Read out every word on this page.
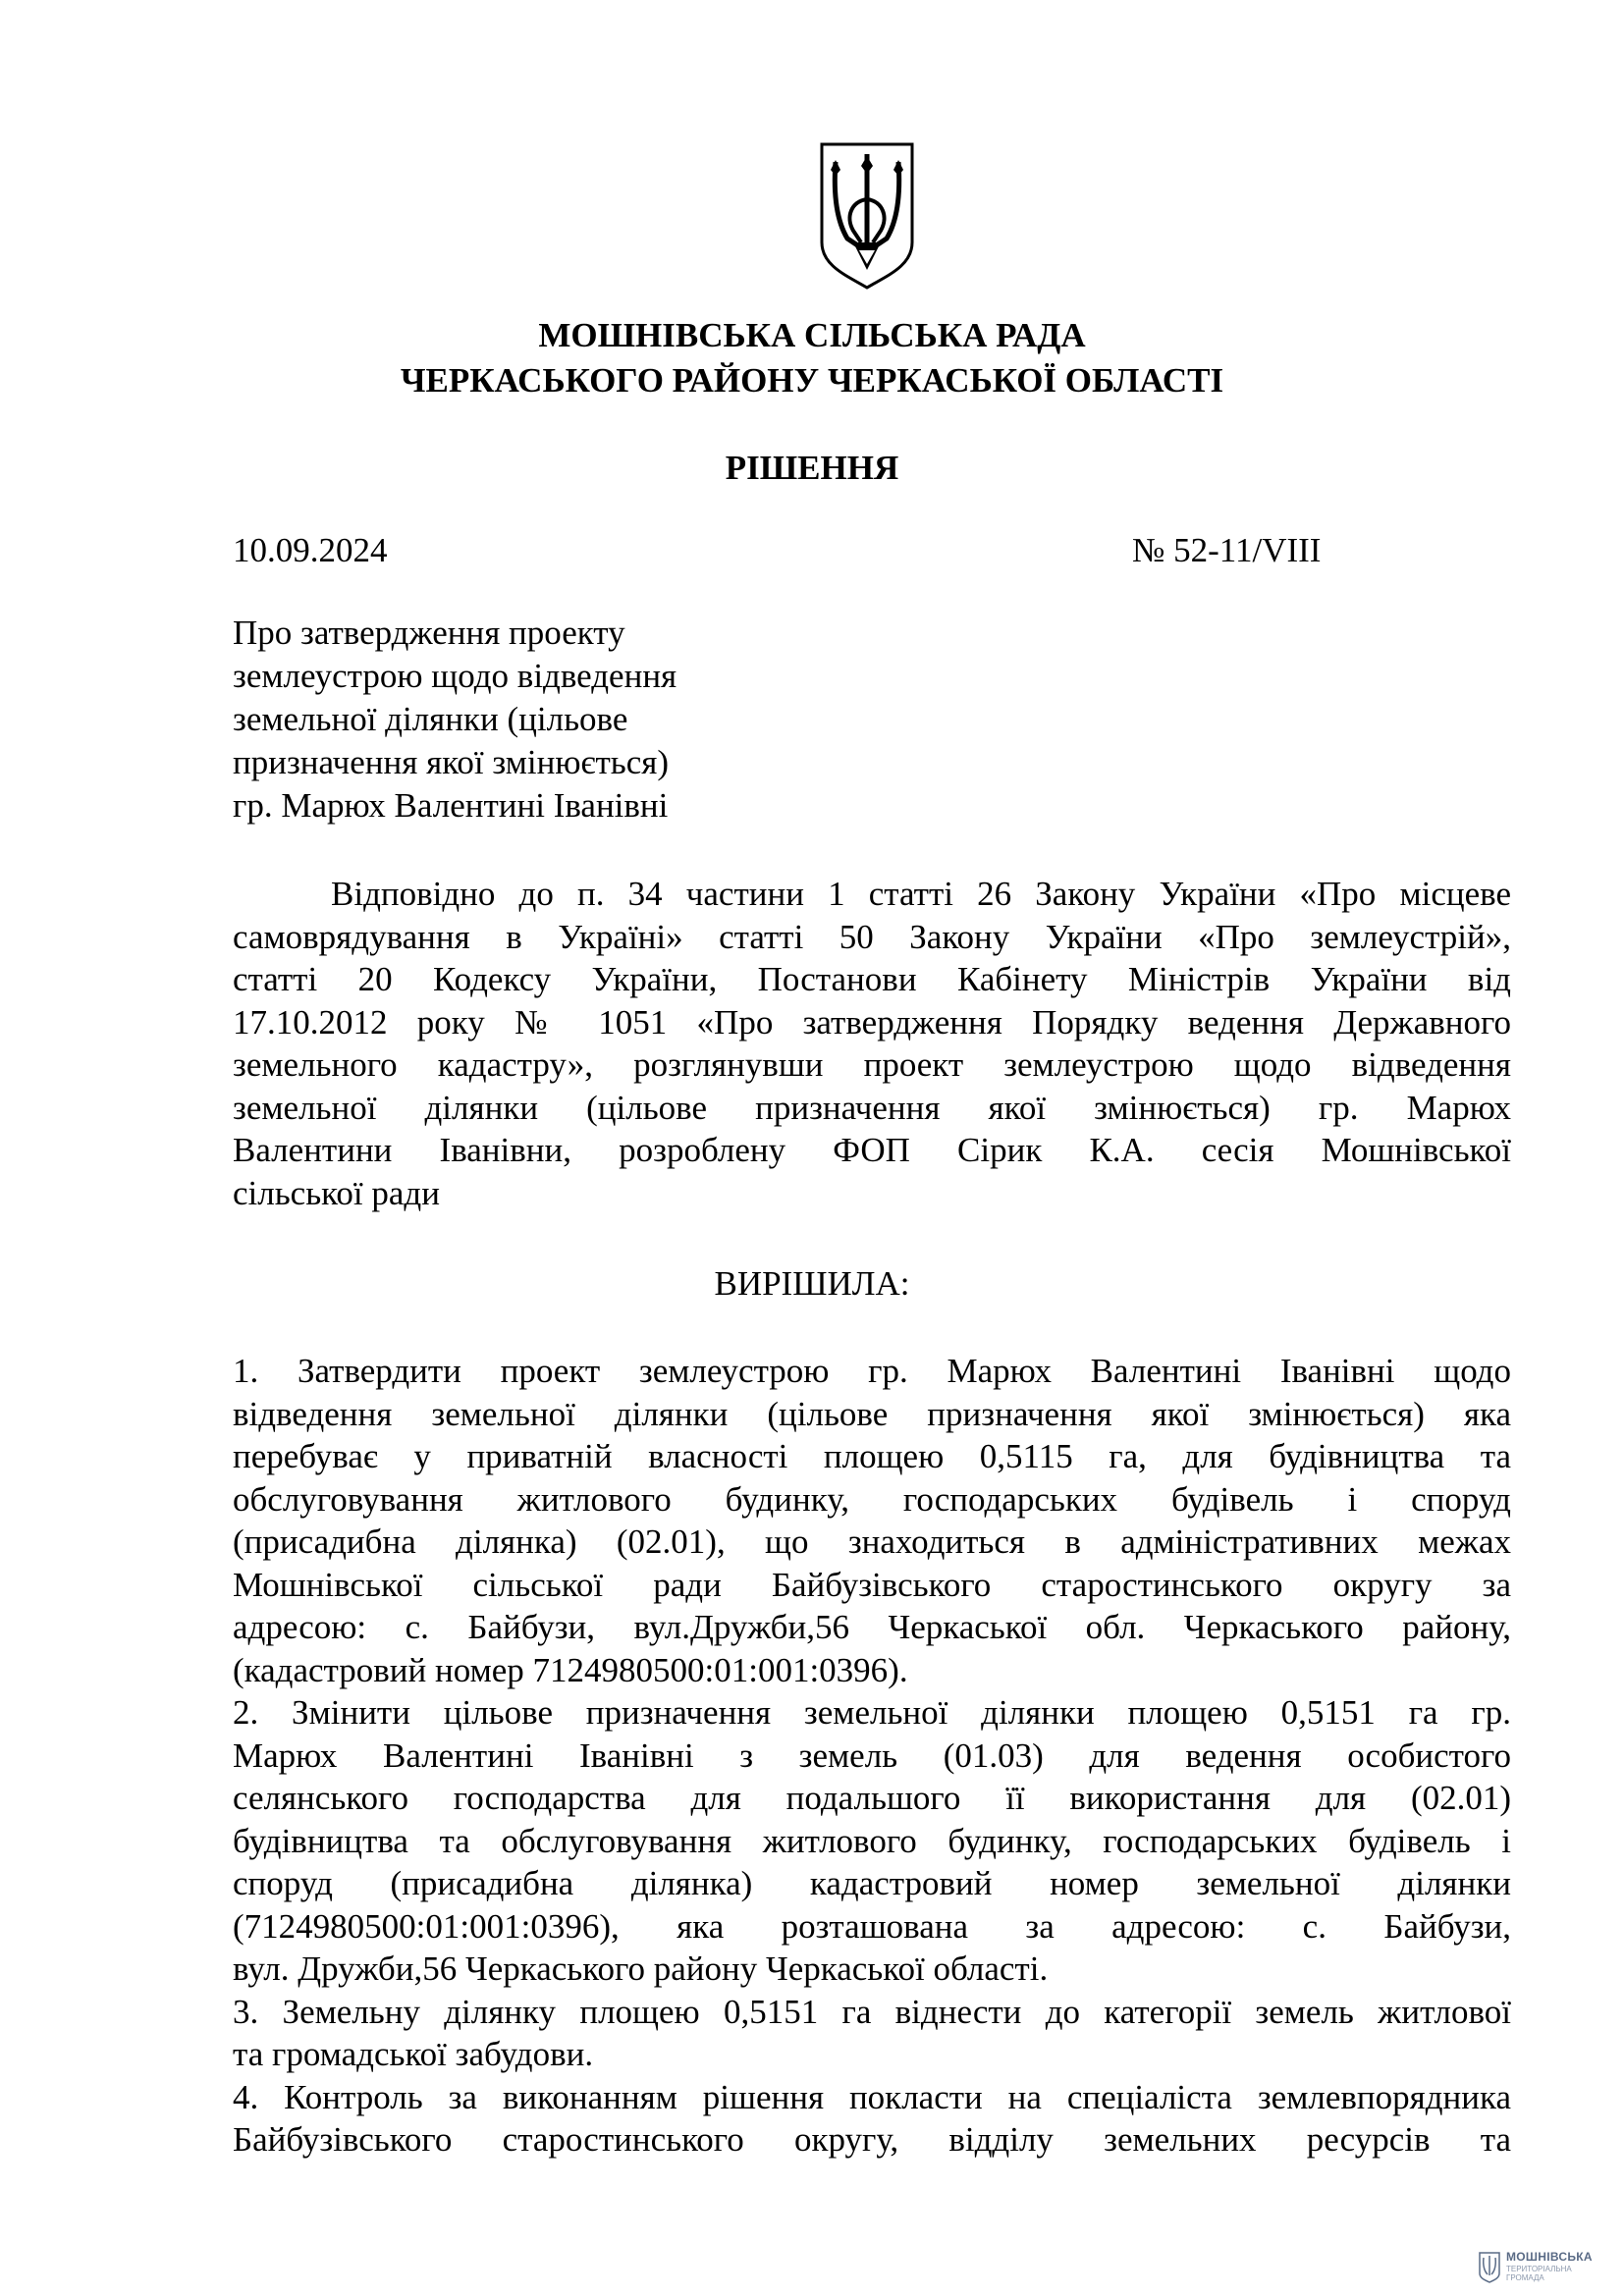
МОШНІВСЬКА СІЛЬСЬКА РАДА
ЧЕРКАСЬКОГО РАЙОНУ ЧЕРКАСЬКОЇ ОБЛАСТІ
РІШЕННЯ
10.09.2024	№ 52-11/VIII
Про затвердження проекту
землеустрою щодо відведення
земельної ділянки (цільове
призначення якої змінюється)
гр. Марюх Валентині Іванівні
Відповідно до п. 34 частини 1 статті 26 Закону України «Про місцеве
самоврядування в Україні» статті 50 Закону України «Про землеустрій»,
статті 20 Кодексу України, Постанови Кабінету Міністрів України від
17.10.2012 року № 1051 «Про затвердження Порядку ведення Державного
земельного кадастру», розглянувши проект землеустрою щодо відведення
земельної ділянки (цільове призначення якої змінюється) гр. Марюх
Валентини Іванівни, розроблену ФОП Сірик К.А. сесія Мошнівської
сільської ради
ВИРІШИЛА:
1. Затвердити проект землеустрою гр. Марюх Валентині Іванівні щодо
відведення земельної ділянки (цільове призначення якої змінюється) яка
перебуває у приватній власності площею 0,5115 га, для будівництва та
обслуговування житлового будинку, господарських будівель і споруд
(присадибна ділянка) (02.01), що знаходиться в адміністративних межах
Мошнівської сільської ради Байбузівського старостинського округу за
адресою: с. Байбузи, вул.Дружби,56 Черкаської обл. Черкаського району,
(кадастровий номер 7124980500:01:001:0396).
2. Змінити цільове призначення земельної ділянки площею 0,5151 га гр.
Марюх Валентині Іванівні з земель (01.03) для ведення особистого
селянського господарства для подальшого її використання для (02.01)
будівництва та обслуговування житлового будинку, господарських будівель і
споруд (присадибна ділянка) кадастровий номер земельної ділянки
(7124980500:01:001:0396), яка розташована за адресою: с. Байбузи,
вул. Дружби,56 Черкаського району Черкаської області.
3. Земельну ділянку площею 0,5151 га віднести до категорії земель житлової
та громадської забудови.
4. Контроль за виконанням рішення покласти на спеціаліста землевпорядника
Байбузівського старостинського округу, відділу земельних ресурсів та
МОШНІВСЬКА
ТЕРИТОРІАЛЬНА
ГРОМАДА
